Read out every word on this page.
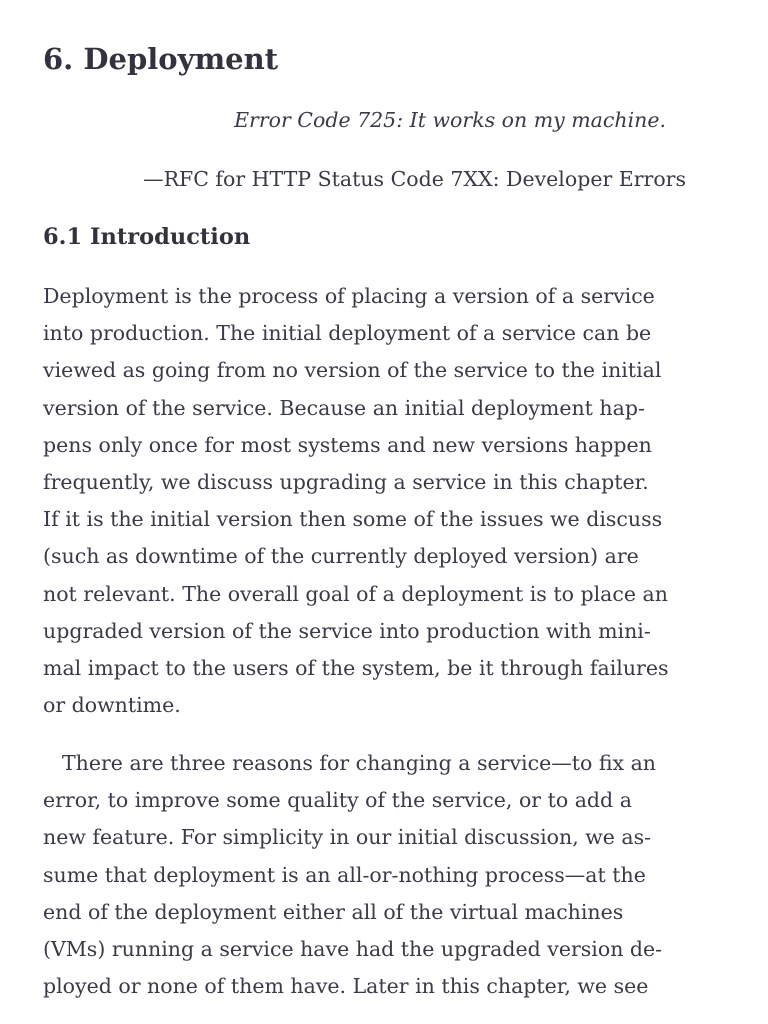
6. Deployment

Error Code 725: It works on my machine.

—RFC for HTTP Status Code 7XX: Developer Errors

6.1 Introduction
Deployment is the process of placing a version of a service
into production. The initial deployment of a service can be
viewed as going from no version of the service to the initial
version of the service. Because an initial deployment hap-
pens only once for most systems and new versions happen
frequently, we discuss upgrading a service in this chapter.
If it is the initial version then some of the issues we discuss
(such as downtime of the currently deployed version) are
not relevant. The overall goal of a deployment is to place an
upgraded version of the service into production with mini-
mal impact to the users of the system, be it through failures
or downtime.
There are three reasons for changing a service—to fix an
error, to improve some quality of the service, or to add a
new feature. For simplicity in our initial discussion, we as-
sume that deployment is an all-or-nothing process—at the
end of the deployment either all of the virtual machines
(VMs) running a service have had the upgraded version de-
ployed or none of them have. Later in this chapter, we see
